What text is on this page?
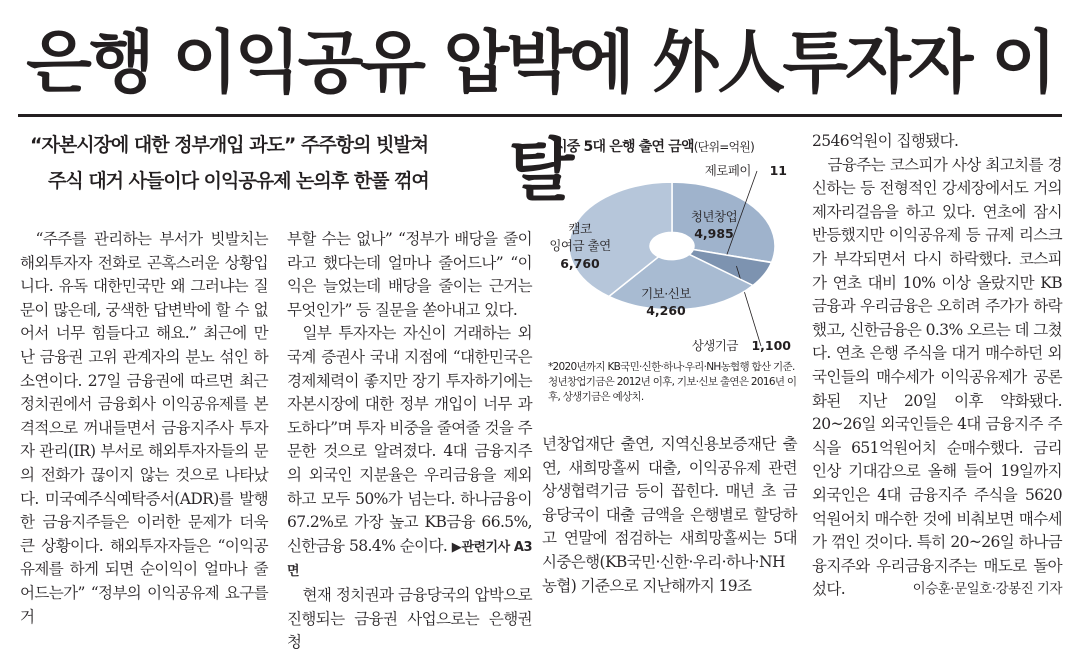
은행 이익공유 압박에 外人투자자 이탈
“자본시장에 대한 정부개입 과도” 주주항의 빗발쳐
주식 대거 사들이다 이익공유제 논의후 한풀 꺾여
시중 5대 은행 출연 금액(단위=억원)
청년창업
4,985
제로페이 11
상생기금 1,100
기보·신보
4,260
캠코
잉여금 출연
6,760
*2020년까지 KB국민·신한·하나·우리·NH농협행 합산 기준. 청년창업기금은 2012년 이후, 기보·신보 출연은 2016년 이후, 상생기금은 예상치.

“주주를 관리하는 부서가 빗발치는 해외투자자 전화로 곤혹스러운 상황입니다. 유독 대한민국만 왜 그러냐는 질문이 많은데, 궁색한 답변박에 할 수 없어서 너무 힘들다고 해요.” 최근에 만난 금융권 고위 관계자의 분노 섞인 하소연이다. 27일 금융권에 따르면 최근 정치권에서 금융회사 이익공유제를 본격적으로 꺼내들면서 금융지주사 투자자 관리(IR) 부서로 해외투자자들의 문의 전화가 끊이지 않는 것으로 나타났다. 미국예주식예탁증서(ADR)를 발행한 금융지주들은 이러한 문제가 더욱 큰 상황이다. 해외투자자들은 “이익공유제를 하게 되면 순이익이 얼마나 줄어드는가” “정부의 이익공유제 요구를 거

부할 수는 없나” “정부가 배당을 줄이라고 했다는데 얼마나 줄어드나” “이익은 늘었는데 배당을 줄이는 근거는 무엇인가” 등 질문을 쏟아내고 있다.

일부 투자자는 자신이 거래하는 외국계 증권사 국내 지점에 “대한민국은 경제체력이 좋지만 장기 투자하기에는 자본시장에 대한 정부 개입이 너무 과도하다”며 투자 비중을 줄여줄 것을 주문한 것으로 알려졌다. 4대 금융지주의 외국인 지분율은 우리금융을 제외하고 모두 50%가 넘는다. 하나금융이 67.2%로 가장 높고 KB금융 66.5%, 신한금융 58.4% 순이다. ▶관련기사 A3면

현재 정치권과 금융당국의 압박으로 진행되는 금융권 사업으로는 은행권 청

년창업재단 출연, 지역신용보증재단 출연, 새희망홀씨 대출, 이익공유제 관련 상생협력기금 등이 꼽힌다. 매년 초 금융당국이 대출 금액을 은행별로 할당하고 연말에 점검하는 새희망홀씨는 5대 시중은행(KB국민·신한·우리·하나·NH농협) 기준으로 지난해까지 19조

2546억원이 집행됐다.

금융주는 코스피가 사상 최고치를 경신하는 등 전형적인 강세장에서도 거의 제자리걸음을 하고 있다. 연초에 잠시 반등했지만 이익공유제 등 규제 리스크가 부각되면서 다시 하락했다. 코스피가 연초 대비 10% 이상 올랐지만 KB금융과 우리금융은 오히려 주가가 하락했고, 신한금융은 0.3% 오르는 데 그쳤다. 연초 은행 주식을 대거 매수하던 외국인들의 매수세가 이익공유제가 공론화된 지난 20일 이후 약화됐다. 20~26일 외국인들은 4대 금융지주 주식을 651억원어치 순매수했다. 금리 인상 기대감으로 올해 들어 19일까지 외국인은 4대 금융지주 주식을 5620억원어치 매수한 것에 비춰보면 매수세가 꺾인 것이다. 특히 20~26일 하나금융지주와 우리금융지주는 매도로 돌아섰다.	이승훈·문일호·강봉진 기자
